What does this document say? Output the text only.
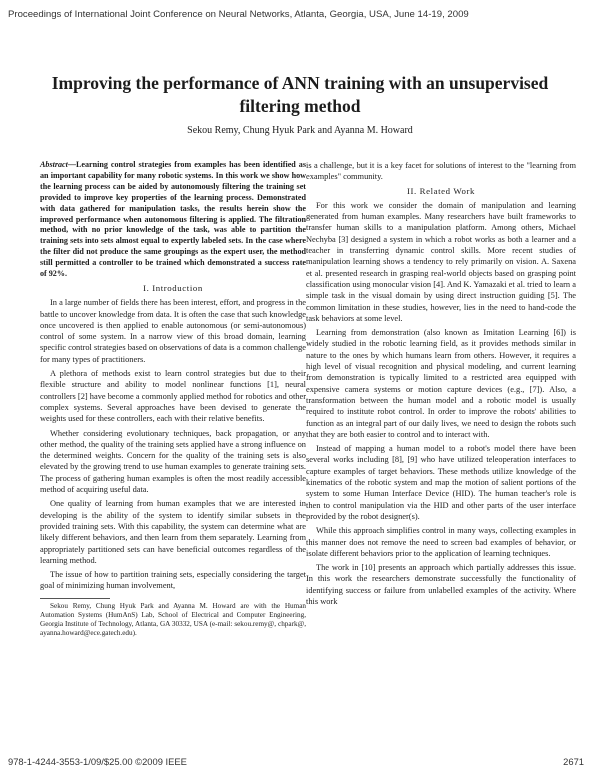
Proceedings of International Joint Conference on Neural Networks, Atlanta, Georgia, USA, June 14-19, 2009
Improving the performance of ANN training with an unsupervised filtering method
Sekou Remy, Chung Hyuk Park and Ayanna M. Howard

Abstract—Learning control strategies from examples has been identified as an important capability for many robotic systems. In this work we show how the learning process can be aided by autonomously filtering the training set provided to improve key properties of the learning process. Demonstrated with data gathered for manipulation tasks, the results herein show the improved performance when autonomous filtering is applied. The filtration method, with no prior knowledge of the task, was able to partition the training sets into sets almost equal to expertly labeled sets. In the case where the filter did not produce the same groupings as the expert user, the method still permitted a controller to be trained which demonstrated a success rate of 92%.

I. Introduction

In a large number of fields there has been interest, effort, and progress in the battle to uncover knowledge from data. It is often the case that such knowledge once uncovered is then applied to enable autonomous (or semi-autonomous) control of some system. In a narrow view of this broad domain, learning specific control strategies based on observations of data is a common challenge for many types of practitioners.

A plethora of methods exist to learn control strategies but due to their flexible structure and ability to model nonlinear functions [1], neural controllers [2] have become a commonly applied method for robotics and other complex systems. Several approaches have been devised to generate the weights used for these controllers, each with their relative benefits.

Whether considering evolutionary techniques, back propagation, or any other method, the quality of the training sets applied have a strong influence on the determined weights. Concern for the quality of the training sets is also elevated by the growing trend to use human examples to generate training sets. The process of gathering human examples is often the most readily accessible method of acquiring useful data.

One quality of learning from human examples that we are interested in developing is the ability of the system to identify similar subsets in the provided training sets. With this capability, the system can determine what are likely different behaviors, and then learn from them separately. Learning from appropriately partitioned sets can have beneficial outcomes regardless of the learning method.

The issue of how to partition training sets, especially considering the target goal of minimizing human involvement,

Sekou Remy, Chung Hyuk Park and Ayanna M. Howard are with the Human Automation Systems (HumAnS) Lab, School of Electrical and Computer Engineering, Georgia Institute of Technology, Atlanta, GA 30332, USA (e-mail: sekou.remy@, chpark@, ayanna.howard@ece.gatech.edu).

is a challenge, but it is a key facet for solutions of interest to the "learning from examples" community.

II. Related Work

For this work we consider the domain of manipulation and learning generated from human examples. Many researchers have built frameworks to transfer human skills to a manipulation platform. Among others, Michael Nechyba [3] designed a system in which a robot works as both a learner and a teacher in transferring dynamic control skills. More recent studies of manipulation learning shows a tendency to rely primarily on vision. A. Saxena et al. presented research in grasping real-world objects based on grasping point classification using monocular vision [4]. And K. Yamazaki et al. tried to learn a simple task in the visual domain by using direct instruction guiding [5]. The common limitation in these studies, however, lies in the need to hand-code the task behaviors at some level.

Learning from demonstration (also known as Imitation Learning [6]) is widely studied in the robotic learning field, as it provides methods similar in nature to the ones by which humans learn from others. However, it requires a high level of visual recognition and physical modeling, and current learning from demonstration is typically limited to a restricted area equipped with expensive camera systems or motion capture devices (e.g., [7]). Also, a transformation between the human model and a robotic model is usually required to institute robot control. In order to improve the robots' abilities to function as an integral part of our daily lives, we need to design the robots such that they are both easier to control and to interact with.

Instead of mapping a human model to a robot's model there have been several works including [8], [9] who have utilized teleoperation interfaces to capture examples of target behaviors. These methods utilize knowledge of the kinematics of the robotic system and map the motion of salient portions of the system to some Human Interface Device (HID). The human teacher's role is then to control manipulation via the HID and other parts of the user interface provided by the robot designer(s).

While this approach simplifies control in many ways, collecting examples in this manner does not remove the need to screen bad examples of behavior, or isolate different behaviors prior to the application of learning techniques.

The work in [10] presents an approach which partially addresses this issue. In this work the researchers demonstrate successfully the functionality of identifying success or failure from unlabelled examples of the activity. Where this work

978-1-4244-3553-1/09/$25.00 ©2009 IEEE	2671
